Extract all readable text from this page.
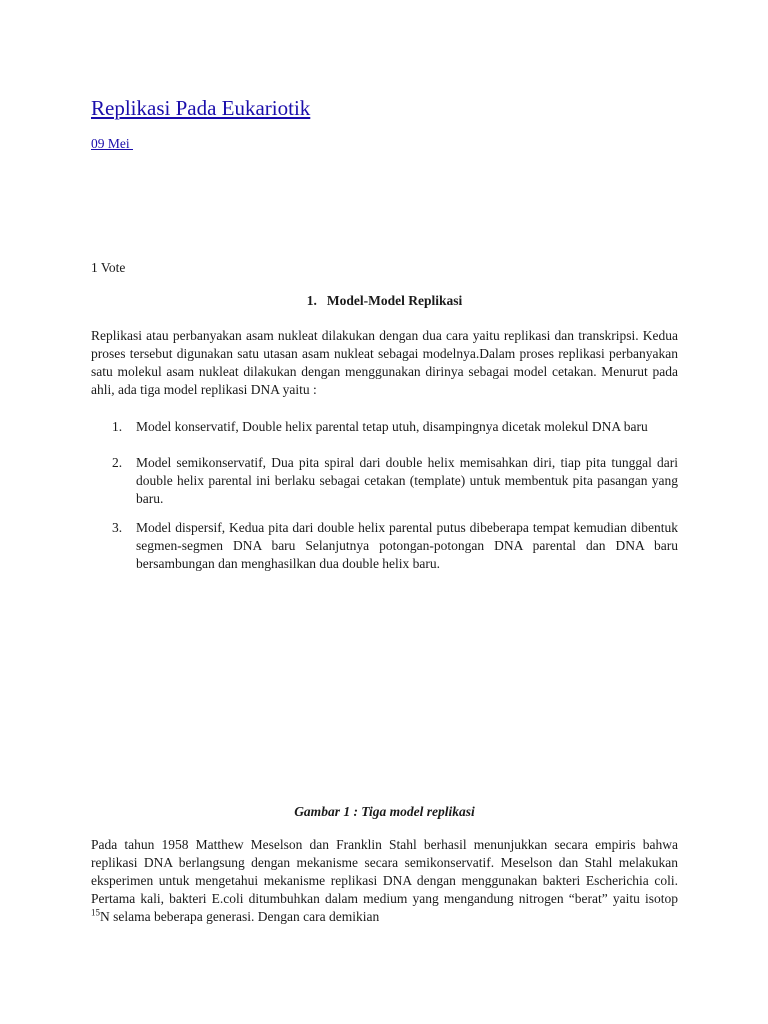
Replikasi Pada Eukariotik
09 Mei
1 Vote
1. Model-Model Replikasi

Replikasi atau perbanyakan asam nukleat dilakukan dengan dua cara yaitu replikasi dan transkripsi. Kedua proses tersebut digunakan satu utasan asam nukleat sebagai modelnya.Dalam proses replikasi perbanyakan satu molekul asam nukleat dilakukan dengan menggunakan dirinya sebagai model cetakan. Menurut pada ahli, ada tiga model replikasi DNA yaitu :

1.	Model konservatif, Double helix parental tetap utuh, disampingnya dicetak molekul DNA baru
2.	Model semikonservatif, Dua pita spiral dari double helix memisahkan diri, tiap pita tunggal dari double helix parental ini berlaku sebagai cetakan (template) untuk membentuk pita pasangan yang baru.
3.	Model dispersif, Kedua pita dari double helix parental putus dibeberapa tempat kemudian dibentuk segmen-segmen DNA baru Selanjutnya potongan-potongan DNA parental dan DNA baru bersambungan dan menghasilkan dua double helix baru.
Gambar 1 : Tiga model replikasi

Pada tahun 1958 Matthew Meselson dan Franklin Stahl berhasil menunjukkan secara empiris bahwa replikasi DNA berlangsung dengan mekanisme secara semikonservatif. Meselson dan Stahl melakukan eksperimen untuk mengetahui mekanisme replikasi DNA dengan menggunakan bakteri Escherichia coli. Pertama kali, bakteri E.coli ditumbuhkan dalam medium yang mengandung nitrogen “berat” yaitu isotop $^{15}$N selama beberapa generasi. Dengan cara demikian
